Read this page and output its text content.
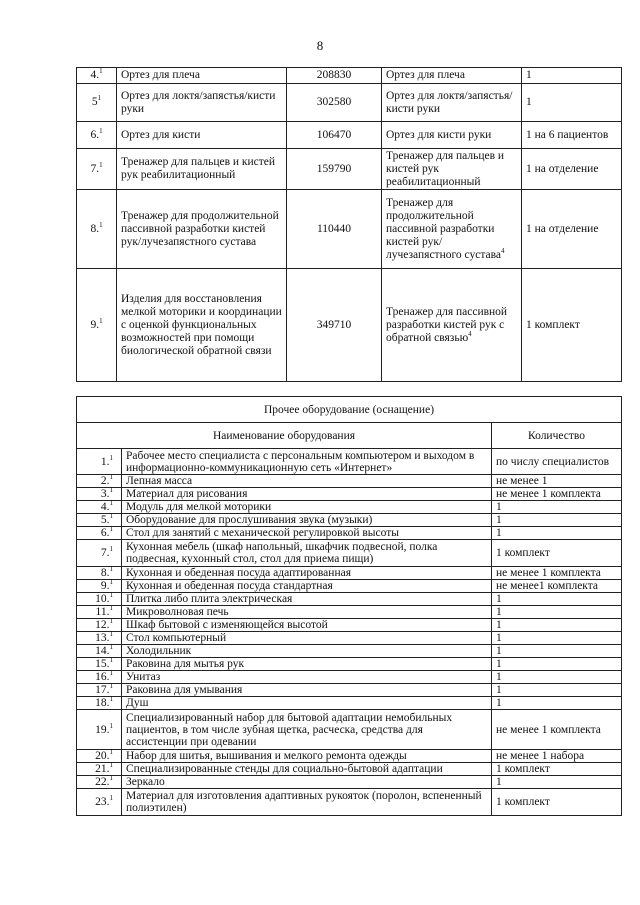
8
4.$^1$	Ортез для плеча	208830	Ортез для плеча	1
$5^1$	Ортез для локтя/запястья/кисти руки	302580	Ортез для локтя/запястья/кисти руки	1
6.$^1$	Ортез для кисти	106470	Ортез для кисти руки	1 на 6 пациентов
7.$^1$	Тренажер для пальцев и кистей рук реабилитационный	159790	Тренажер для пальцев и кистей рук реабилитационный	1 на отделение
8.$^1$	Тренажер для продолжительной пассивной разработки кистей рук/лучезапястного сустава	110440	Тренажер для продолжительной пассивной разработки кистей рук/лучезапястного сустава$^4$	1 на отделение
9.$^1$	Изделия для восстановления мелкой моторики и координации с оценкой функциональных возможностей при помощи биологической обратной связи	349710	Тренажер для пассивной разработки кистей рук с обратной связью$^4$	1 комплект
Прочее оборудование (оснащение)		
Наименование оборудования		Количество
1.$^1$	Рабочее место специалиста с персональным компьютером и выходом в информационно-коммуникационную сеть «Интернет»	по числу специалистов
2.$^1$	Лепная масса	не менее 1
3.$^1$	Материал для рисования	не менее 1 комплекта
4.$^1$	Модуль для мелкой моторики	1
5.$^1$	Оборудование для прослушивания звука (музыки)	1
6.$^1$	Стол для занятий с механической регулировкой высоты	1
7.$^1$	Кухонная мебель (шкаф напольный, шкафчик подвесной, полка подвесная, кухонный стол, стол для приема пищи)	1 комплект
8.$^1$	Кухонная и обеденная посуда адаптированная	не менее 1 комплекта
9.$^1$	Кухонная и обеденная посуда стандартная	не менее1 комплекта
10.$^1$	Плитка либо плита электрическая	1
11.$^1$	Микроволновая печь	1
12.$^1$	Шкаф бытовой с изменяющейся высотой	1
13.$^1$	Стол компьютерный	1
14.$^1$	Холодильник	1
15.$^1$	Раковина для мытья рук	1
16.$^1$	Унитаз	1
17.$^1$	Раковина для умывания	1
18.$^1$	Душ	1
19.$^1$	Специализированный набор для бытовой адаптации немобильных пациентов, в том числе зубная щетка, расческа, средства для ассистенции при одевании	не менее 1 комплекта
20.$^1$	Набор для шитья, вышивания и мелкого ремонта одежды	не менее 1 набора
21.$^1$	Специализированные стенды для социально-бытовой адаптации	1 комплект
22.$^1$	Зеркало	1
23.$^1$	Материал для изготовления адаптивных рукояток (поролон, вспененный полиэтилен)	1 комплект
